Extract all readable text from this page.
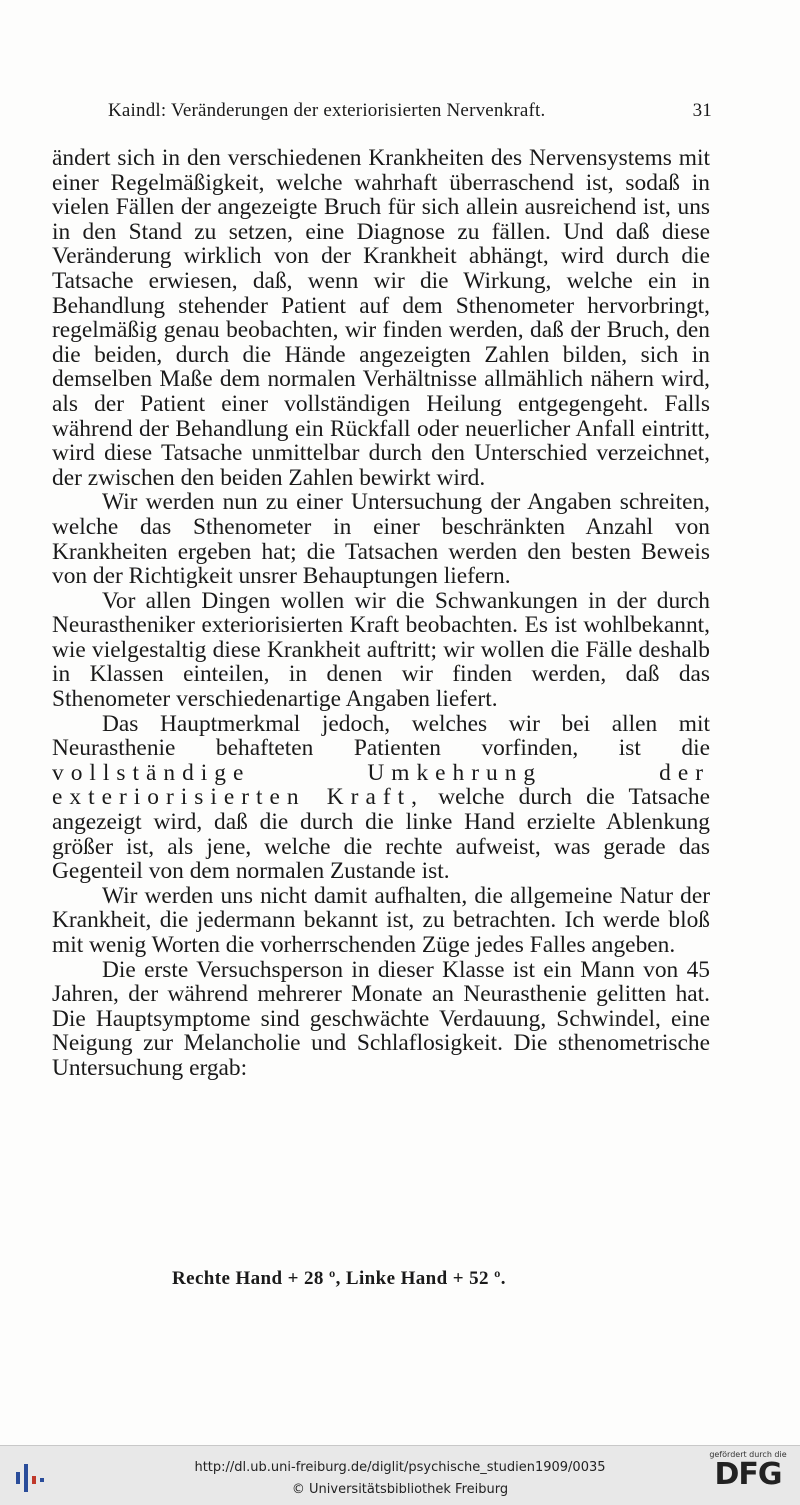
Kaindl: Veränderungen der exteriorisierten Nervenkraft.	31

ändert sich in den verschiedenen Krankheiten des Nervensystems mit einer Regelmäßigkeit, welche wahrhaft überraschend ist, sodaß in vielen Fällen der angezeigte Bruch für sich allein ausreichend ist, uns in den Stand zu setzen, eine Diagnose zu fällen. Und daß diese Veränderung wirklich von der Krankheit abhängt, wird durch die Tatsache erwiesen, daß, wenn wir die Wirkung, welche ein in Behandlung stehender Patient auf dem Sthenometer hervorbringt, regelmäßig genau beobachten, wir finden werden, daß der Bruch, den die beiden, durch die Hände angezeigten Zahlen bilden, sich in demselben Maße dem normalen Verhältnisse allmählich nähern wird, als der Patient einer vollständigen Heilung entgegengeht. Falls während der Behandlung ein Rückfall oder neuerlicher Anfall eintritt, wird diese Tatsache unmittelbar durch den Unterschied verzeichnet, der zwischen den beiden Zahlen bewirkt wird.

Wir werden nun zu einer Untersuchung der Angaben schreiten, welche das Sthenometer in einer beschränkten Anzahl von Krankheiten ergeben hat; die Tatsachen werden den besten Beweis von der Richtigkeit unsrer Behauptungen liefern.

Vor allen Dingen wollen wir die Schwankungen in der durch Neurastheniker exteriorisierten Kraft beobachten. Es ist wohlbekannt, wie vielgestaltig diese Krankheit auftritt; wir wollen die Fälle deshalb in Klassen einteilen, in denen wir finden werden, daß das Sthenometer verschiedenartige Angaben liefert.

Das Hauptmerkmal jedoch, welches wir bei allen mit Neurasthenie behafteten Patienten vorfinden, ist die vollständige Umkehrung der exteriorisierten Kraft, welche durch die Tatsache angezeigt wird, daß die durch die linke Hand erzielte Ablenkung größer ist, als jene, welche die rechte aufweist, was gerade das Gegenteil von dem normalen Zustande ist.

Wir werden uns nicht damit aufhalten, die allgemeine Natur der Krankheit, die jedermann bekannt ist, zu betrachten. Ich werde bloß mit wenig Worten die vorherrschenden Züge jedes Falles angeben.

Die erste Versuchsperson in dieser Klasse ist ein Mann von 45 Jahren, der während mehrerer Monate an Neurasthenie gelitten hat. Die Hauptsymptome sind geschwächte Verdauung, Schwindel, eine Neigung zur Melancholie und Schlaflosigkeit. Die sthenometrische Untersuchung ergab:

Rechte Hand + 28 º, Linke Hand + 52 º.
http://dl.ub.uni-freiburg.de/diglit/psychische_studien1909/0035
© Universitätsbibliothek Freiburg
gefördert durch die
DFG
